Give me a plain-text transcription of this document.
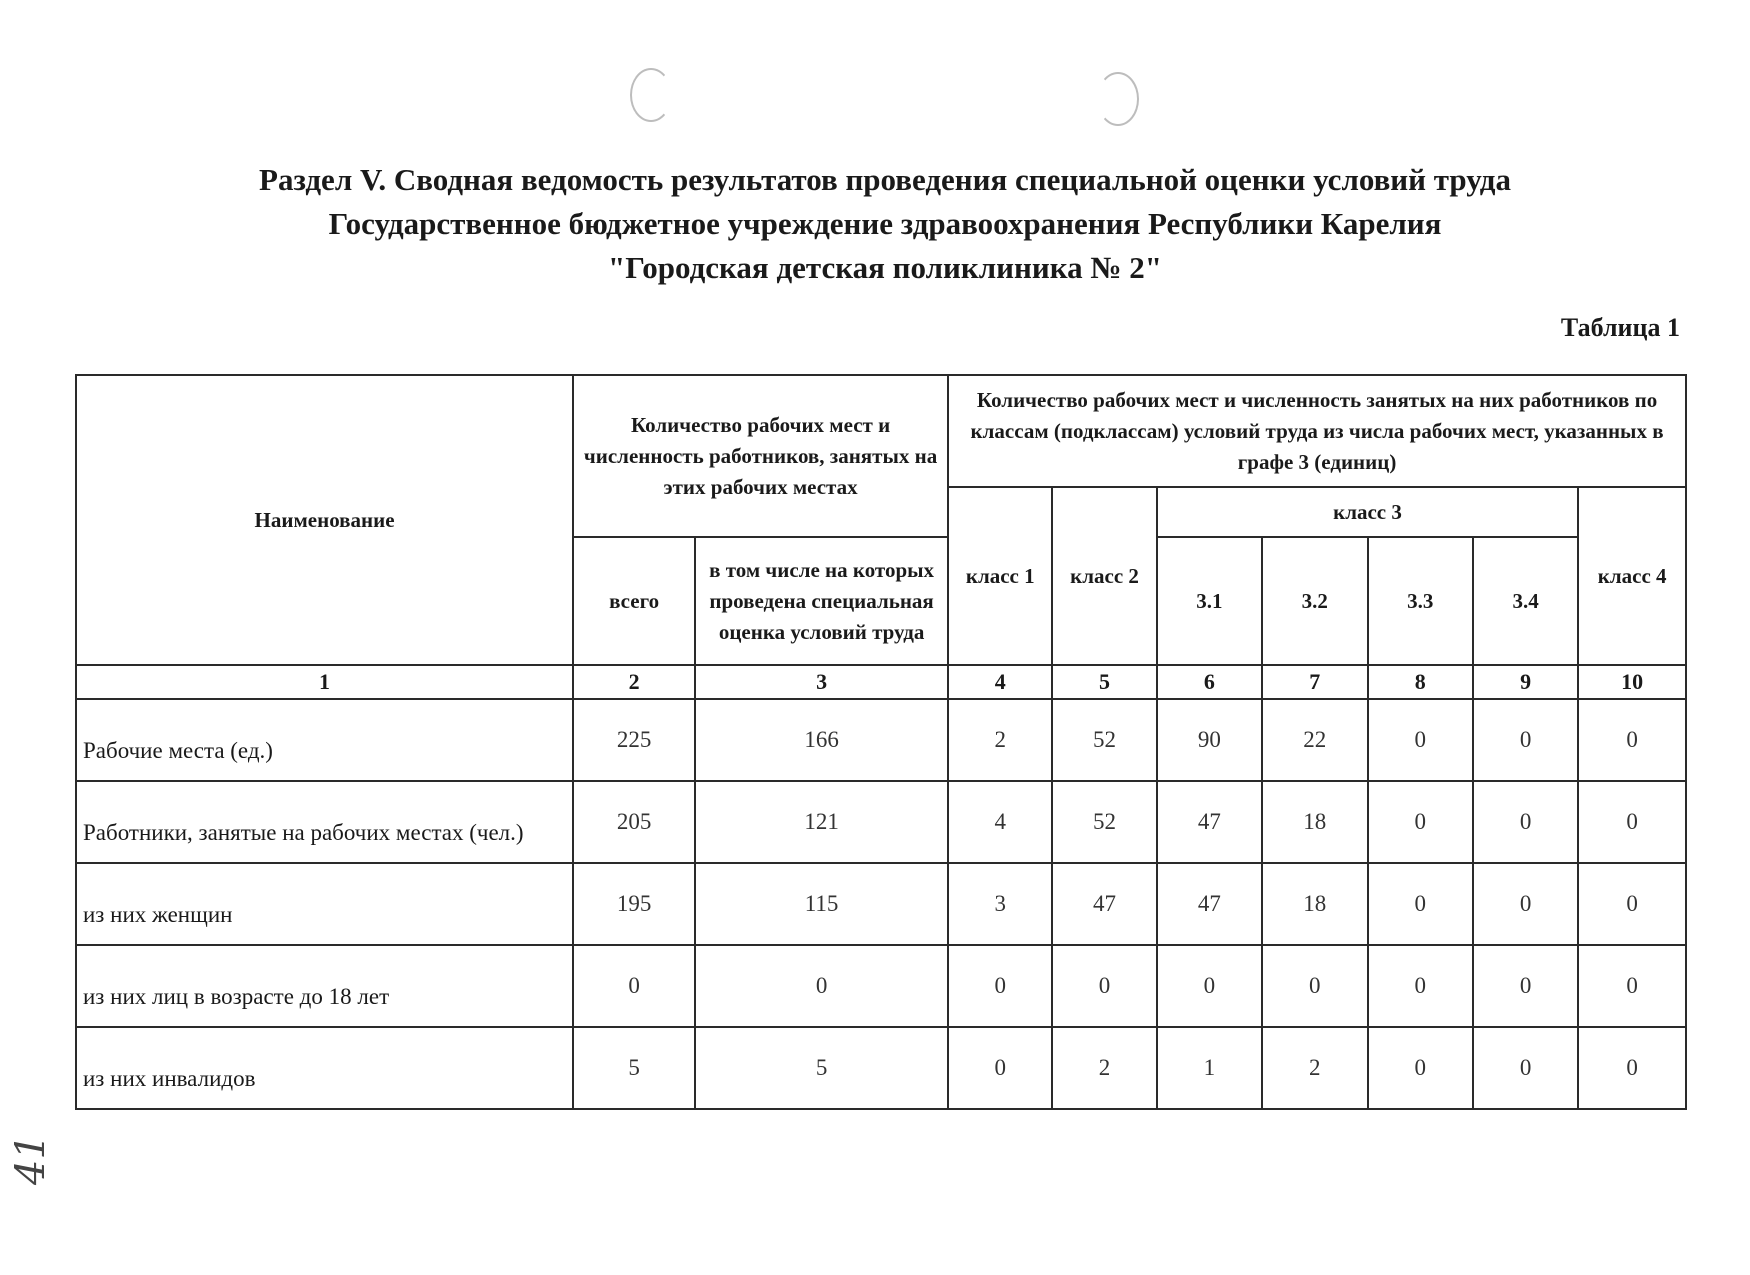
Раздел V. Сводная ведомость результатов проведения специальной оценки условий труда
Государственное бюджетное учреждение здравоохранения Республики Карелия
"Городская детская поликлиника № 2"
Таблица 1
Наименование	Количество рабочих мест и численность работников, занятых на этих рабочих местах		Количество рабочих мест и численность занятых на них работников по классам (подклассам) условий труда из числа рабочих мест, указанных в графе 3 (единиц)						
			класс 1	класс 2	класс 3				класс 4
	всего	в том числе на которых проведена специальная оценка условий труда			3.1	3.2	3.3	3.4	
1	2	3	4	5	6	7	8	9	10
Рабочие места (ед.)	225	166	2	52	90	22	0	0	0
Работники, занятые на рабочих местах (чел.)	205	121	4	52	47	18	0	0	0
из них женщин	195	115	3	47	47	18	0	0	0
из них лиц в возрасте до 18 лет	0	0	0	0	0	0	0	0	0
из них инвалидов	5	5	0	2	1	2	0	0	0
41
